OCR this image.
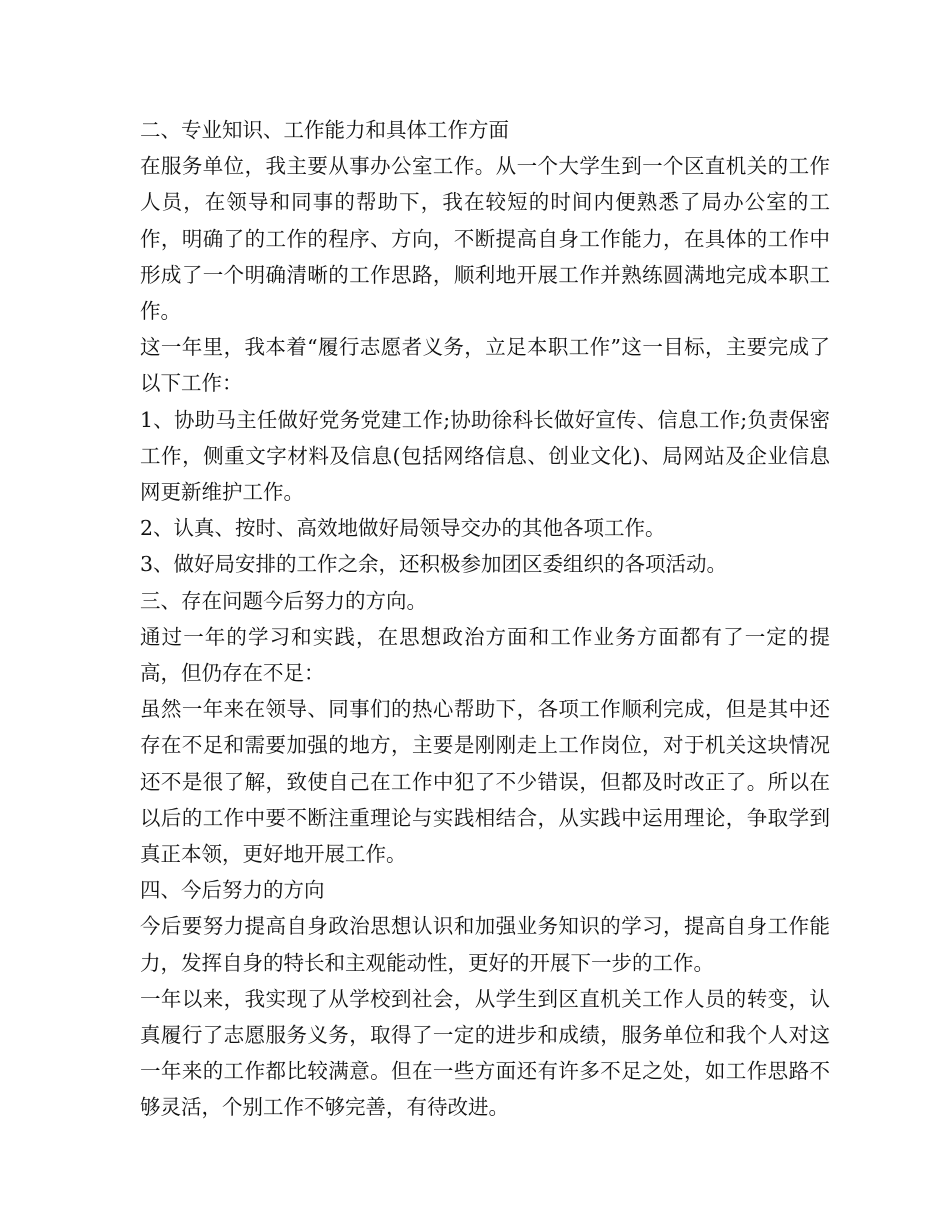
二、专业知识、工作能力和具体工作方面

在服务单位，我主要从事办公室工作。从一个大学生到一个区直机关的工作人员，在领导和同事的帮助下，我在较短的时间内便熟悉了局办公室的工作，明确了的工作的程序、方向，不断提高自身工作能力，在具体的工作中形成了一个明确清晰的工作思路，顺利地开展工作并熟练圆满地完成本职工作。

这一年里，我本着“履行志愿者义务，立足本职工作”这一目标，主要完成了以下工作：

1、协助马主任做好党务党建工作;协助徐科长做好宣传、信息工作;负责保密工作，侧重文字材料及信息(包括网络信息、创业文化)、局网站及企业信息网更新维护工作。

2、认真、按时、高效地做好局领导交办的其他各项工作。

3、做好局安排的工作之余，还积极参加团区委组织的各项活动。

三、存在问题今后努力的方向。

通过一年的学习和实践，在思想政治方面和工作业务方面都有了一定的提高，但仍存在不足：

虽然一年来在领导、同事们的热心帮助下，各项工作顺利完成，但是其中还存在不足和需要加强的地方，主要是刚刚走上工作岗位，对于机关这块情况还不是很了解，致使自己在工作中犯了不少错误，但都及时改正了。所以在以后的工作中要不断注重理论与实践相结合，从实践中运用理论，争取学到真正本领，更好地开展工作。

四、今后努力的方向

今后要努力提高自身政治思想认识和加强业务知识的学习，提高自身工作能力，发挥自身的特长和主观能动性，更好的开展下一步的工作。

一年以来，我实现了从学校到社会，从学生到区直机关工作人员的转变，认真履行了志愿服务义务，取得了一定的进步和成绩，服务单位和我个人对这一年来的工作都比较满意。但在一些方面还有许多不足之处，如工作思路不够灵活，个别工作不够完善，有待改进。
